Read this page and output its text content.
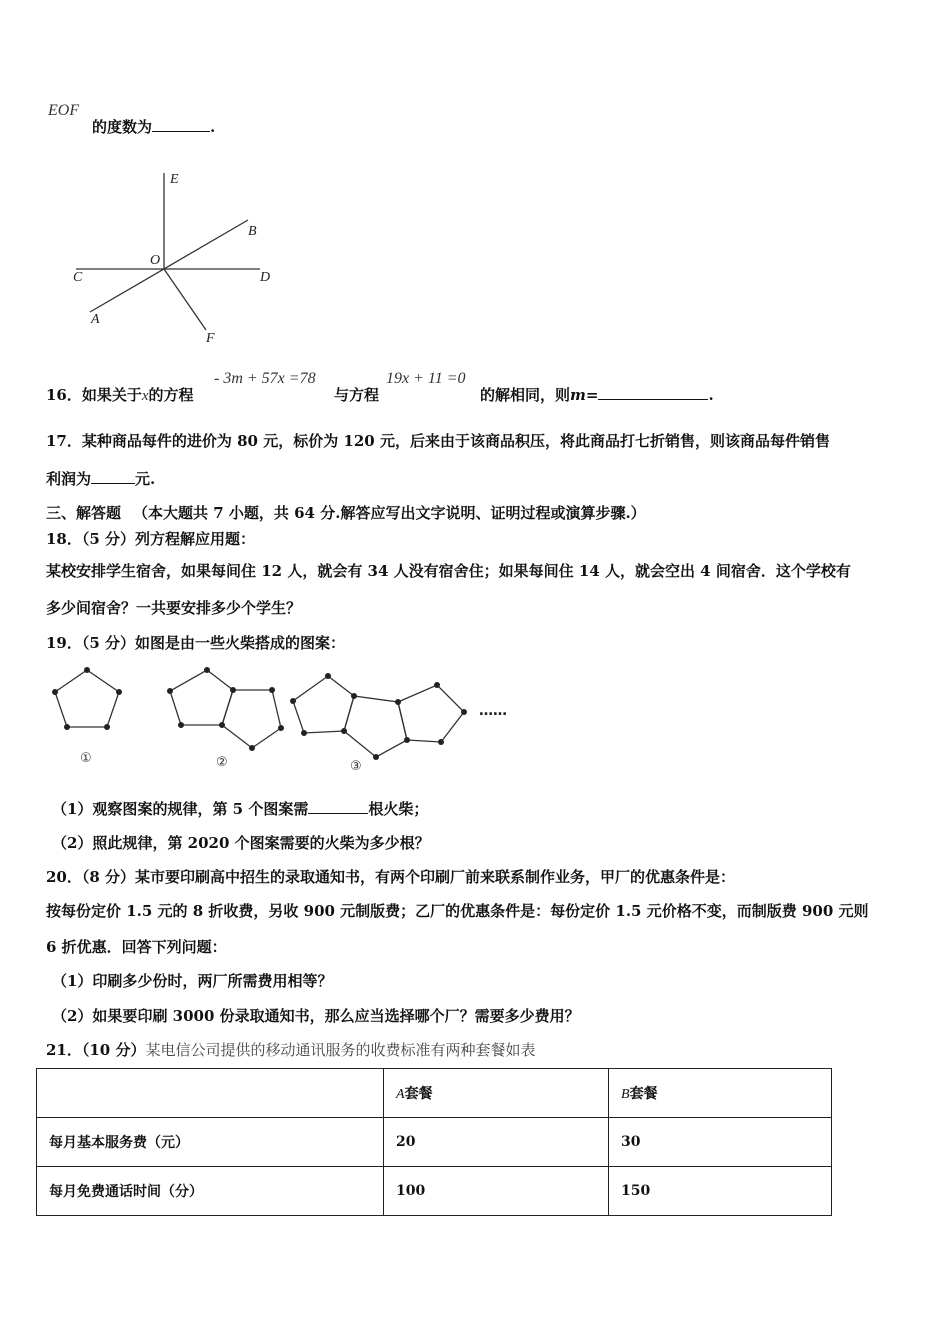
EOF
的度数为	.
E
B
O
C	D
A
F
16．如果关于x的方程
- 3m + 57x =78
与方程
19x + 11 =0
的解相同，则m=	.
17．某种商品每件的进价为 80 元，标价为 120 元，后来由于该商品积压，将此商品打七折销售，则该商品每件销售
利润为	元.
三、解答题 （本大题共 7 小题，共 64 分.解答应写出文字说明、证明过程或演算步骤.）
18．（5 分）列方程解应用题：
某校安排学生宿舍，如果每间住 12 人，就会有 34 人没有宿舍住；如果每间住 14 人，就会空出 4 间宿舍．这个学校有
多少间宿舍？一共要安排多少个学生？
19．（5 分）如图是由一些火柴搭成的图案：
……
①	②	③
（1）观察图案的规律，第 5 个图案需	根火柴；
（2）照此规律，第 2020 个图案需要的火柴为多少根？
20．（8 分）某市要印刷高中招生的录取通知书，有两个印刷厂前来联系制作业务，甲厂的优惠条件是：
按每份定价 1.5 元的 8 折收费，另收 900 元制版费；乙厂的优惠条件是：每份定价 1.5 元价格不变，而制版费 900 元则
6 折优惠．回答下列问题：
（1）印刷多少份时，两厂所需费用相等？
（2）如果要印刷 3000 份录取通知书，那么应当选择哪个厂？需要多少费用？
21．（10 分）某电信公司提供的移动通讯服务的收费标准有两种套餐如表
	A套餐	B套餐
每月基本服务费（元）	20	30
每月免费通话时间（分）	100	150
